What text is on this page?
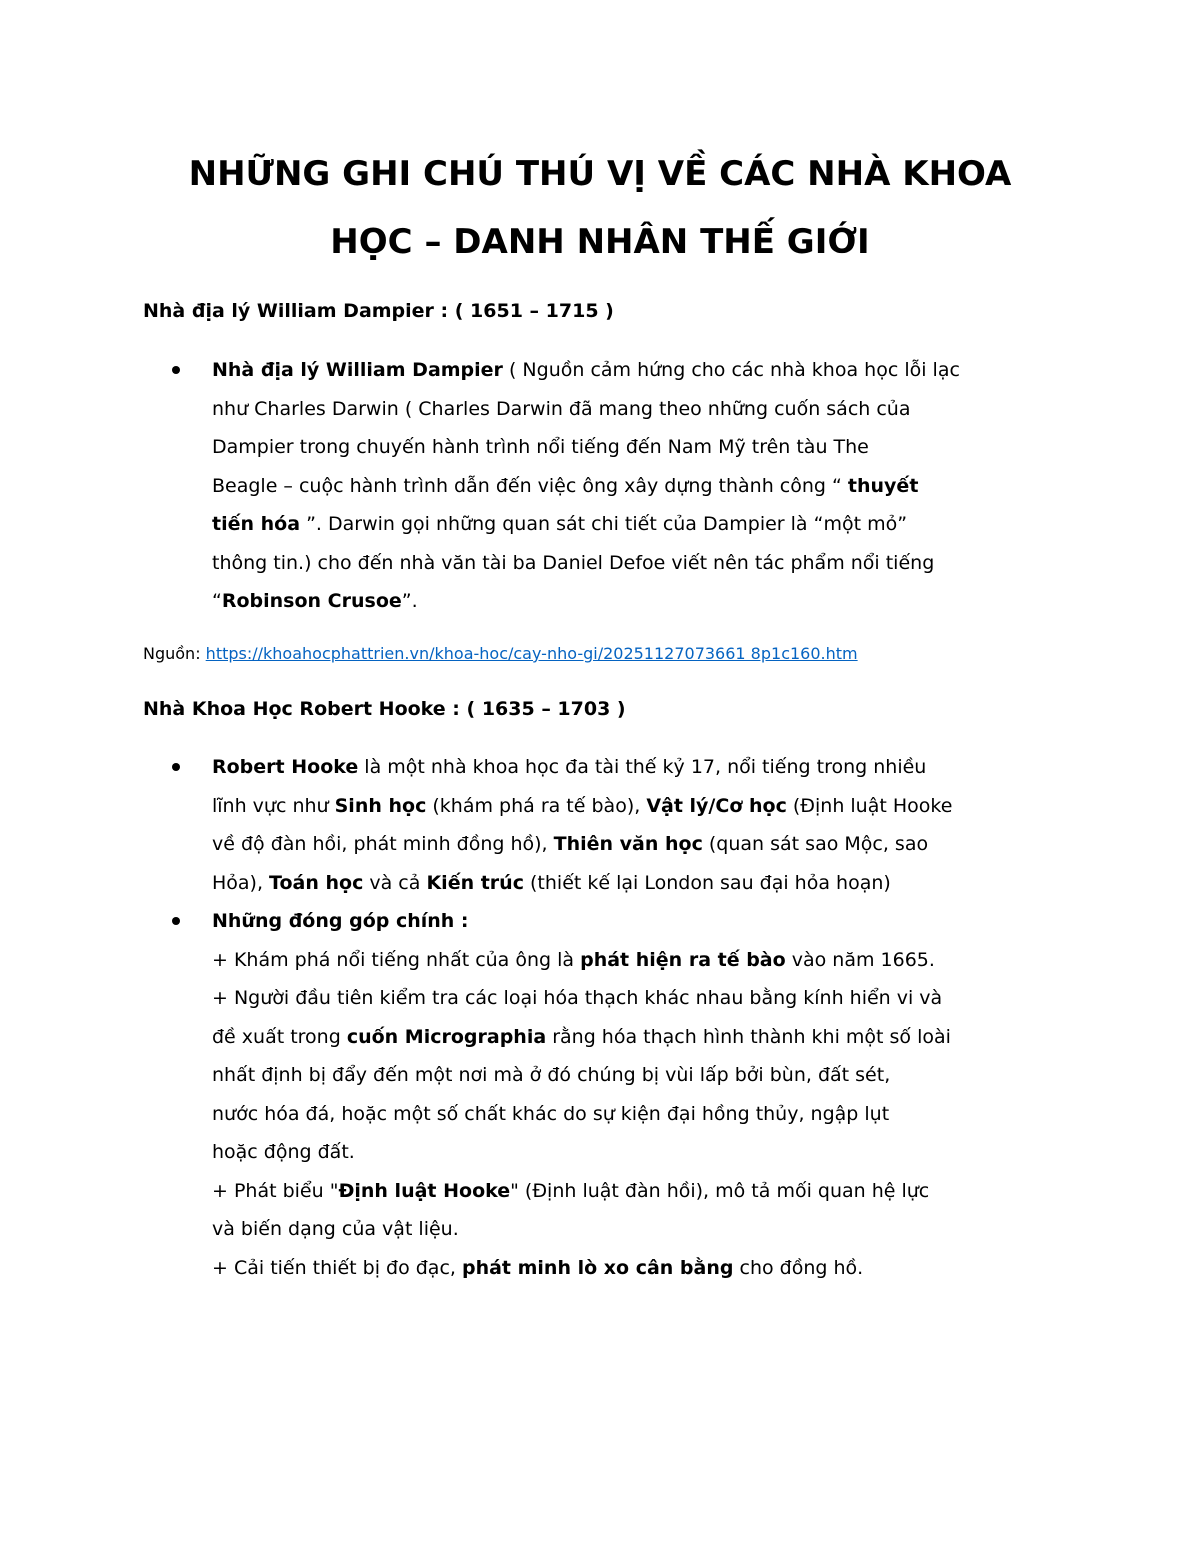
NHỮNG GHI CHÚ THÚ VỊ VỀ CÁC NHÀ KHOA
HỌC – DANH NHÂN THẾ GIỚI
Nhà địa lý William Dampier : ( 1651 – 1715 )
Nhà địa lý William Dampier ( Nguồn cảm hứng cho các nhà khoa học lỗi lạc
như Charles Darwin ( Charles Darwin đã mang theo những cuốn sách của
Dampier trong chuyến hành trình nổi tiếng đến Nam Mỹ trên tàu The
Beagle – cuộc hành trình dẫn đến việc ông xây dựng thành công “ thuyết
tiến hóa ”. Darwin gọi những quan sát chi tiết của Dampier là “một mỏ”
thông tin.) cho đến nhà văn tài ba Daniel Defoe viết nên tác phẩm nổi tiếng
“Robinson Crusoe”.

Nguồn: https://khoahocphattrien.vn/khoa-hoc/cay-nho-gi/20251127073661 8p1c160.htm

Nhà Khoa Học Robert Hooke : ( 1635 – 1703 )
Robert Hooke là một nhà khoa học đa tài thế kỷ 17, nổi tiếng trong nhiều
lĩnh vực như Sinh học (khám phá ra tế bào), Vật lý/Cơ học (Định luật Hooke
về độ đàn hồi, phát minh đồng hồ), Thiên văn học (quan sát sao Mộc, sao
Hỏa), Toán học và cả Kiến trúc (thiết kế lại London sau đại hỏa hoạn)
Những đóng góp chính :
+ Khám phá nổi tiếng nhất của ông là phát hiện ra tế bào vào năm 1665.
+ Người đầu tiên kiểm tra các loại hóa thạch khác nhau bằng kính hiển vi và
đề xuất trong cuốn Micrographia rằng hóa thạch hình thành khi một số loài
nhất định bị đẩy đến một nơi mà ở đó chúng bị vùi lấp bởi bùn, đất sét,
nước hóa đá, hoặc một số chất khác do sự kiện đại hồng thủy, ngập lụt
hoặc động đất.
+ Phát biểu "Định luật Hooke" (Định luật đàn hồi), mô tả mối quan hệ lực
và biến dạng của vật liệu.
+ Cải tiến thiết bị đo đạc, phát minh lò xo cân bằng cho đồng hồ.
